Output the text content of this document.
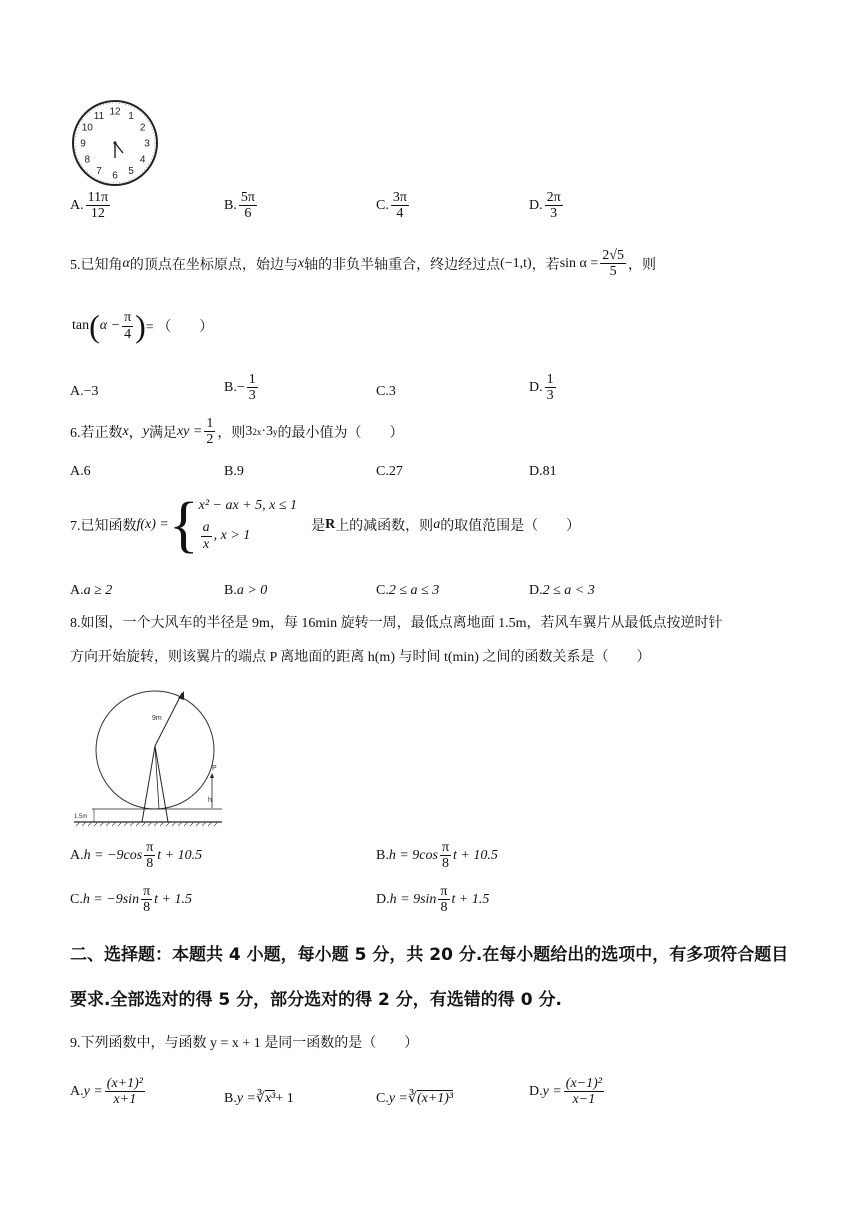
12 1
2
3
4
5
6
7
8
9
10
11
A. $\frac{11\pi}{12}$	B. $\frac{5\pi}{6}$	C. $\frac{3\pi}{4}$	D. $\frac{2\pi}{3}$
5.已知角 α 的顶点在坐标原点，始边与 x 轴的非负半轴重合，终边经过点 (−1,t) ，若 $\sin \alpha = \frac{2√5}{5}$ ，则
tan ( $\alpha - \frac{\pi}{4}$ ) = （　　）
A. −3	B. − $\frac{1}{3}$	C. 3	D. $\frac{1}{3}$
6.若正数 x ， y 满足 xy = $\frac{1}{2}$ ，则 3 2x ·3 y 的最小值为（　　）
A. 6	B. 9	C. 27	D. 81
7.已知函数 f(x) = { x² − ax + 5, x ≤ 1
$\frac{a}{x}$ , x > 1
是 R 上的减函数，则 a 的取值范围是（　　）
A. a ≥ 2	B. a > 0	C. 2 ≤ a ≤ 3	D. 2 ≤ a < 3
8.如图，一个大风车的半径是 9m，每 16min 旋转一周，最低点离地面 1.5m，若风车翼片从最低点按逆时针
方向开始旋转，则该翼片的端点 P 离地面的距离 h(m) 与时间 t(min) 之间的函数关系是（　　）
9m
P
h
1.5m
A. $h = -9\cos \frac{\pi}{8}$ t + 10.5	B. $h = 9\cos \frac{\pi}{8}$ t + 10.5
C. $h = -9\sin \frac{\pi}{8}$ t + 1.5	D. $h = 9\sin \frac{\pi}{8}$ t + 1.5
二、选择题：本题共 4 小题，每小题 5 分，共 20 分.在每小题给出的选项中，有多项符合题目
要求.全部选对的得 5 分，部分选对的得 2 分，有选错的得 0 分.
9.下列函数中，与函数 y = x + 1 是同一函数的是（　　）
A. $y = \frac{\text{(x+1)²}}{x+1}$	B. y = ∛ x³ + 1	C. y = ∛ (x+1)³	D. $y = \frac{\text{(x−1)²}}{x-1}$
